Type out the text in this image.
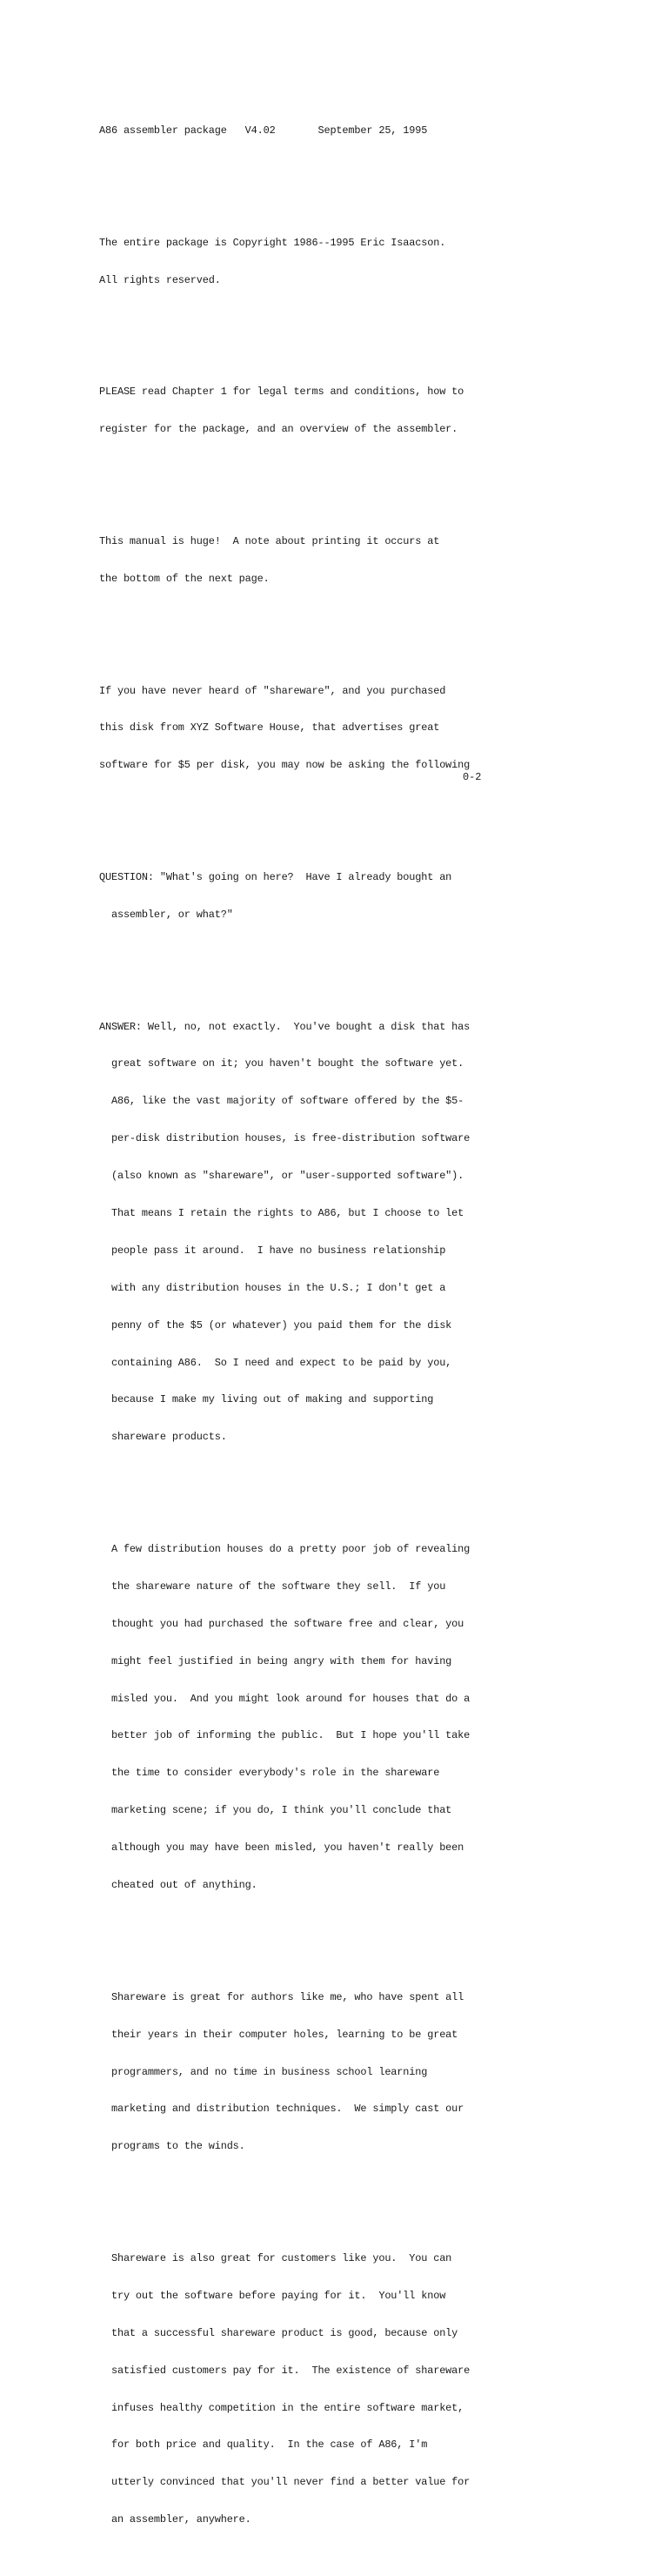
A86 assembler package   V4.02       September 25, 1995

The entire package is Copyright 1986--1995 Eric Isaacson.

All rights reserved.

PLEASE read Chapter 1 for legal terms and conditions, how to

register for the package, and an overview of the assembler.

This manual is huge!  A note about printing it occurs at

the bottom of the next page.

If you have never heard of "shareware", and you purchased

this disk from XYZ Software House, that advertises great

software for $5 per disk, you may now be asking the following

QUESTION: "What's going on here?  Have I already bought an

assembler, or what?"

ANSWER: Well, no, not exactly.  You've bought a disk that has

great software on it; you haven't bought the software yet.

A86, like the vast majority of software offered by the $5-

per-disk distribution houses, is free-distribution software

(also known as "shareware", or "user-supported software").

That means I retain the rights to A86, but I choose to let

people pass it around.  I have no business relationship

with any distribution houses in the U.S.; I don't get a

penny of the $5 (or whatever) you paid them for the disk

containing A86.  So I need and expect to be paid by you,

because I make my living out of making and supporting

shareware products.

A few distribution houses do a pretty poor job of revealing

the shareware nature of the software they sell.  If you

thought you had purchased the software free and clear, you

might feel justified in being angry with them for having

misled you.  And you might look around for houses that do a

better job of informing the public.  But I hope you'll take

the time to consider everybody's role in the shareware

marketing scene; if you do, I think you'll conclude that

although you may have been misled, you haven't really been

cheated out of anything.

Shareware is great for authors like me, who have spent all

their years in their computer holes, learning to be great

programmers, and no time in business school learning

marketing and distribution techniques.  We simply cast our

programs to the winds.

Shareware is also great for customers like you.  You can

try out the software before paying for it.  You'll know

that a successful shareware product is good, because only

satisfied customers pay for it.  The existence of shareware

infuses healthy competition in the entire software market,

for both price and quality.  In the case of A86, I'm

utterly convinced that you'll never find a better value for

an assembler, anywhere.

0-2
